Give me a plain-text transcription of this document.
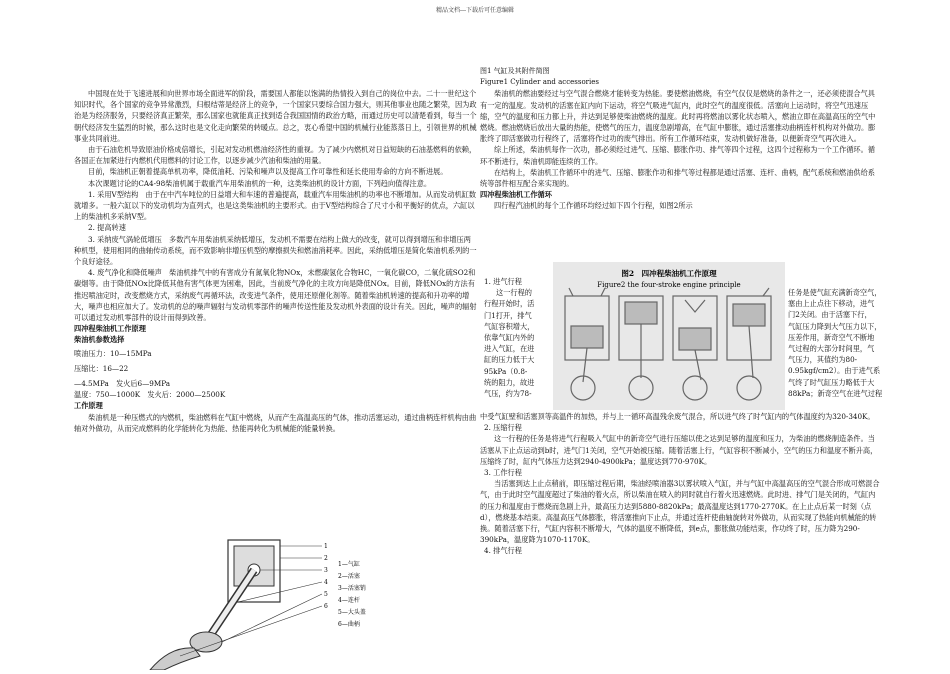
精品文档---下载后可任意编辑

中国现在处于飞速进展和向世界市场全面进军的阶段，需要国人都能以饱满的热情投入到自己的岗位中去。二十一世纪这个知识时代，各个国家的竞争异常激烈，归根结蒂是经济上的竞争，一个国家只要综合国力强大，则其他事业也随之繁荣，因为政治是为经济服务，只要经济真正繁荣，那么国家也就能真正找到适合我国国情的政治方略，而通过历史可以清楚看到，每当一个朝代经济发生猛烈的时候，那么这时也是文化走向繁荣的转暖点。总之，衷心希望中国的机械行业能蒸蒸日上，引领世界的机械事业共同前进。

由于石油危机导致原油价格成倍增长，引起对发动机燃油经济性的重视。为了减少内燃机对日益短缺的石油基燃料的依赖，各国正在加紧进行内燃机代用燃料的讨论工作，以逐步减少汽油和柴油的用量。

目前，柴油机正朝着提高单机功率，降低油耗、污染和噪声以及提高工作可靠性和延长使用寿命的方向不断进展。

本次课题讨论的CA4-98柴油机属于载重汽车用柴油机的一种，这类柴油机的设计方面，下列趋向值得注意。

1. 采用V型结构　由于在中汽车吨位的日益增大和车速的普遍提高，载重汽车用柴油机的功率也不断增加。从而发动机缸数就增多。一般六缸以下的发动机均为直列式，也是这类柴油机的主要形式。由于V型结构综合了尺寸小和平衡好的优点，六缸以上的柴油机多采纳V型。

2. 提高转速

3. 采纳废气涡轮低增压　多数汽车用柴油机采纳低增压，发动机不需要在结构上做大的改变，就可以得到增压和非增压两种机型，使用相同的曲轴传动系统，而不致影响非增压机型的摩擦损失和燃油消耗率。因此，采纳低增压是简化柴油机系列的一个良好途径。

4. 废气净化和降低噪声　柴油机排气中的有害成分有氮氧化物NOx，未燃碳氢化合物HC，一氧化碳CO，二氧化硫SO2和碳烟等。由于降低NOx比降低其他有害气体更为困难，因此，当前废气净化的主攻方向是降低NOx。目前，降低NOx的方法有推迟喷油定时，改变燃烧方式，采纳废气再循环法，改变进气条件，使用还原催化剂等。随着柴油机转速的提高和升功率的增大，噪声也相应加大了。发动机的总的噪声辐射与发动机零部件的噪声传送性能及发动机外表面的设计有关。因此，噪声的辐射可以通过发动机零部件的设计而得到改善。

四冲程柴油机工作原理

柴油机参数选择

喷油压力：10—15MPa

压缩比：16—22

—4.5MPa　发火后6—9MPa

温度：750—1000K　发火后：2000—2500K

工作原理

柴油机是一种压燃式的内燃机，柴油燃料在气缸中燃烧，从而产生高温高压的气体，推动活塞运动，通过曲柄连杆机构由曲轴对外做功，从而完成燃料的化学能转化为热能、热能再转化为机械能的能量转换。

1
2
3
4
5
6
1—气缸
2—活塞
3—活塞销
4—连杆
5—大头盖
6—曲柄

图1 气缸及其附件简图

Figure1 Cylinder and accessories

柴油机的燃油要经过与空气混合燃烧才能转变为热能。要使燃油燃烧，有空气仅仅是燃烧的条件之一，还必须使混合气具有一定的温度。发动机的活塞在缸内向下运动，将空气吸进气缸内，此时空气的温度很低。活塞向上运动时，将空气迅速压缩，空气的温度和压力都上升，并达到足够使柴油燃烧的温度。此时再将燃油以雾化状态喷入，燃油立即在高温高压的空气中燃烧。燃油燃烧后放出大量的热能，使燃气的压力，温度急剧增高，在气缸中膨胀，通过活塞推动曲柄连杆机构对外做功。膨胀终了即活塞做功行程终了，活塞将作过功的废气排出。所有工作循环结束，发动机做好准备，以便新奇空气再次进入。

综上所述，柴油机每作一次功，都必须经过进气、压缩、膨胀作功、排气等四个过程，这四个过程称为一个工作循环。循环不断进行，柴油机即能连续的工作。

在结构上，柴油机工作循环中的进气、压缩、膨胀作功和排气等过程都是通过活塞、连杆、曲柄，配气系统和燃油供给系统等部件相互配合来实现的。

四冲程柴油机工作循环

四行程汽油机的每个工作循环均经过如下四个行程，如图2所示

1. 进气行程

这一行程的

行程开始时，活

门1打开，排气

气缸容积增大，

依靠气缸内外的

进入气缸，在进

缸的压力低于大

95kPa（0.8-

统的阻力，故进

气压，约为78-

图2　四冲程柴油机工作原理
Figure2 the four-stroke engine principle

任务是使气缸充满新奇空气，

塞由上止点往下移动，进气

门2关闭。由于活塞下行，

气缸压力降到大气压力以下，

压差作用，新奇空气不断地

气过程的大部分时间里，气

气压力，其值约为80-

0.95kgf/cm2）。由于进气系

气终了时气缸压力略低于大

88kPa；新奇空气在进气过程

中受气缸壁和活塞顶等高温件的加热，并与上一循环高温残余废气混合，所以进气终了时气缸内的气体温度约为320-340K。

2. 压缩行程

这一行程的任务是将进气行程吸入气缸中的新奇空气进行压缩以使之达到足够的温度和压力，为柴油的燃烧制造条件。当活塞从下止点运动到b时，进气门1关闭，空气开始被压缩。随着活塞上行，气缸容积不断减小，空气的压力和温度不断升高，压缩终了时，缸内气体压力达到2940-4900kPa；温度达到770-970K。

3. 工作行程

当活塞到达上止点稍前，即压缩过程后期，柴油经喷油器3以雾状喷入气缸，并与气缸中高温高压的空气混合形成可燃混合气，由于此时空气温度超过了柴油的着火点，所以柴油在喷入的同时就自行着火迅速燃烧。此时进、排气门是关闭的，气缸内的压力和温度由于燃烧而急剧上升，最高压力达到5880-8820kPa；最高温度达到1770-2770K。在上止点后某一时刻（点d），燃烧基本结束。高温高压气体膨胀，将活塞推向下止点，并通过连杆使曲轴旋转对外做功，从而实现了热能向机械能的转换。随着活塞下行，气缸内容积不断增大，气体的温度不断降低，到e点，膨胀做功能结束，作功终了时，压力降为290-390kPa，温度降为1070-1170K。

4. 排气行程
